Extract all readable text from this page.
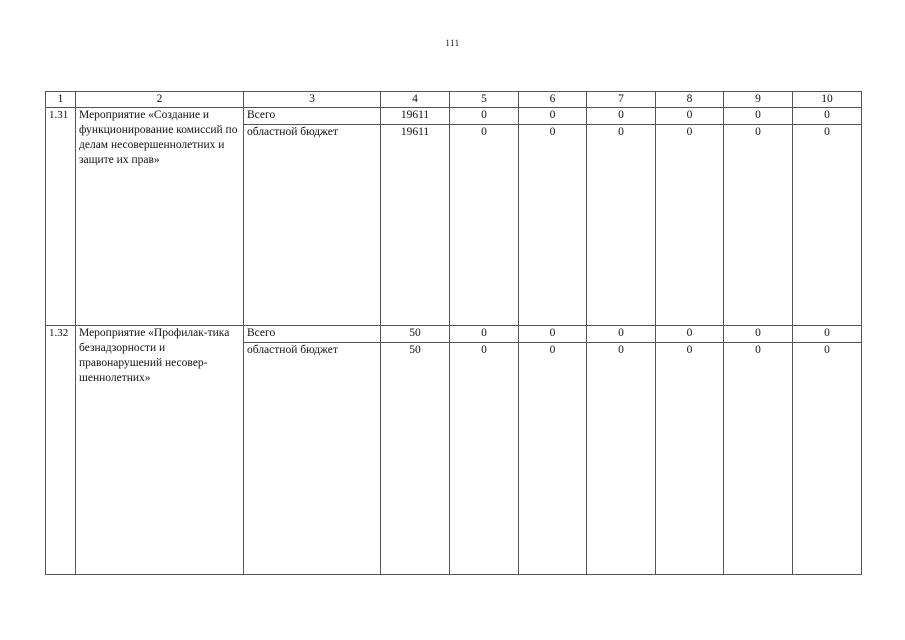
111
1	2	3	4	5	6	7	8	9	10
1.31	Мероприятие «Создание и функционирование комиссий по делам несовершеннолетних и защите их прав»	Всего	19611	0	0	0	0	0	0
		областной бюджет	19611	0	0	0	0	0	0
1.32	Мероприятие «Профилак-тика безнадзорности и правонарушений несовер-шеннолетних»	Всего	50	0	0	0	0	0	0
		областной бюджет	50	0	0	0	0	0	0
